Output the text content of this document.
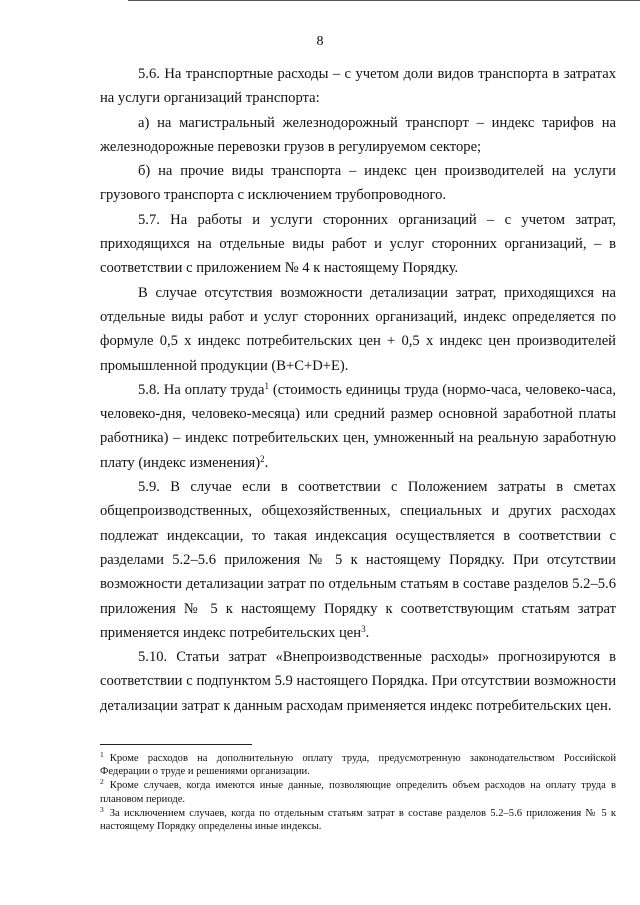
8

5.6. На транспортные расходы – с учетом доли видов транспорта в затратах на услуги организаций транспорта:

а) на магистральный железнодорожный транспорт – индекс тарифов на железнодорожные перевозки грузов в регулируемом секторе;

б) на прочие виды транспорта – индекс цен производителей на услуги грузового транспорта с исключением трубопроводного.

5.7. На работы и услуги сторонних организаций – с учетом затрат, приходящихся на отдельные виды работ и услуг сторонних организаций, – в соответствии с приложением № 4 к настоящему Порядку.

В случае отсутствия возможности детализации затрат, приходящихся на отдельные виды работ и услуг сторонних организаций, индекс определяется по формуле 0,5 х индекс потребительских цен + 0,5 х индекс цен производителей промышленной продукции (B+C+D+E).

5.8. На оплату труда$^1$ (стоимость единицы труда (нормо-часа, человеко-часа, человеко-дня, человеко-месяца) или средний размер основной заработной платы работника) – индекс потребительских цен, умноженный на реальную заработную плату (индекс изменения)$^2$.

5.9. В случае если в соответствии с Положением затраты в сметах общепроизводственных, общехозяйственных, специальных и других расходах подлежат индексации, то такая индексация осуществляется в соответствии с разделами 5.2–5.6 приложения № 5 к настоящему Порядку. При отсутствии возможности детализации затрат по отдельным статьям в составе разделов 5.2–5.6 приложения № 5 к настоящему Порядку к соответствующим статьям затрат применяется индекс потребительских цен$^3$.

5.10. Статьи затрат «Внепроизводственные расходы» прогнозируются в соответствии с подпунктом 5.9 настоящего Порядка. При отсутствии возможности детализации затрат к данным расходам применяется индекс потребительских цен.

$^1$ Кроме расходов на дополнительную оплату труда, предусмотренную законодательством Российской Федерации о труде и решениями организации.

$^2$ Кроме случаев, когда имеются иные данные, позволяющие определить объем расходов на оплату труда в плановом периоде.

$^3$ За исключением случаев, когда по отдельным статьям затрат в составе разделов 5.2–5.6 приложения № 5 к настоящему Порядку определены иные индексы.
